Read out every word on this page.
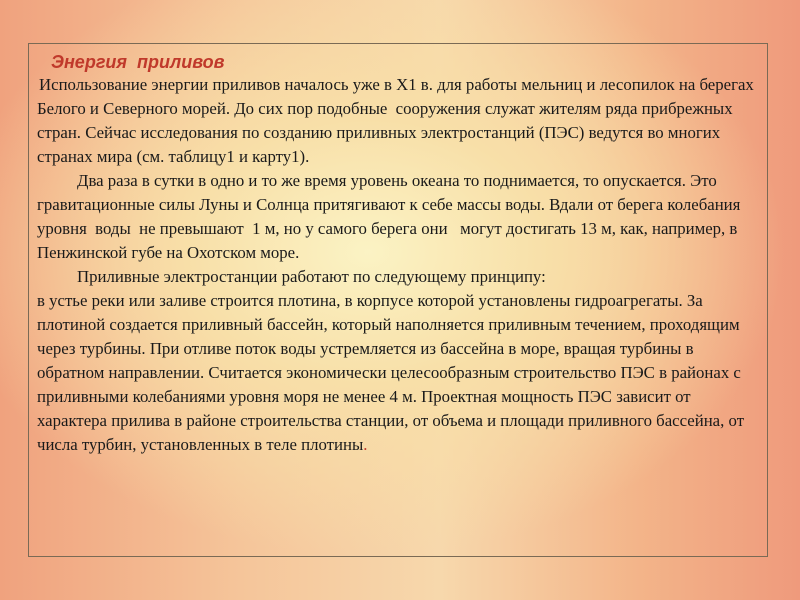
Энергия  приливов

Использование энергии приливов началось уже в Х1 в. для работы мельниц и лесопилок на берегах Белого и Северного морей. До сих пор подобные  сооружения служат жителям ряда прибрежных стран. Сейчас исследования по созданию приливных электростанций (ПЭС) ведутся во многих странах мира (см. таблицу1 и карту1).

Два раза в сутки в одно и то же время уровень океана то поднимается, то опускается. Это  гравитационные силы Луны и Солнца притягивают к себе массы воды. Вдали от берега колебания уровня  воды  не превышают  1 м, но у самого берега они   могут достигать 13 м, как, например, в Пенжинской губе на Охотском море.

Приливные электростанции работают по следующему принципу:

в устье реки или заливе строится плотина, в корпусе которой установлены гидроагрегаты. За плотиной создается приливный бассейн, который наполняется приливным течением, проходящим через турбины. При отливе поток воды устремляется из бассейна в море, вращая турбины в обратном направлении. Считается экономически целесообразным строительство ПЭС в районах с приливными колебаниями уровня моря не менее 4 м. Проектная мощность ПЭС зависит от характера прилива в районе строительства станции, от объема и площади приливного бассейна, от числа турбин, установленных в теле плотины.
